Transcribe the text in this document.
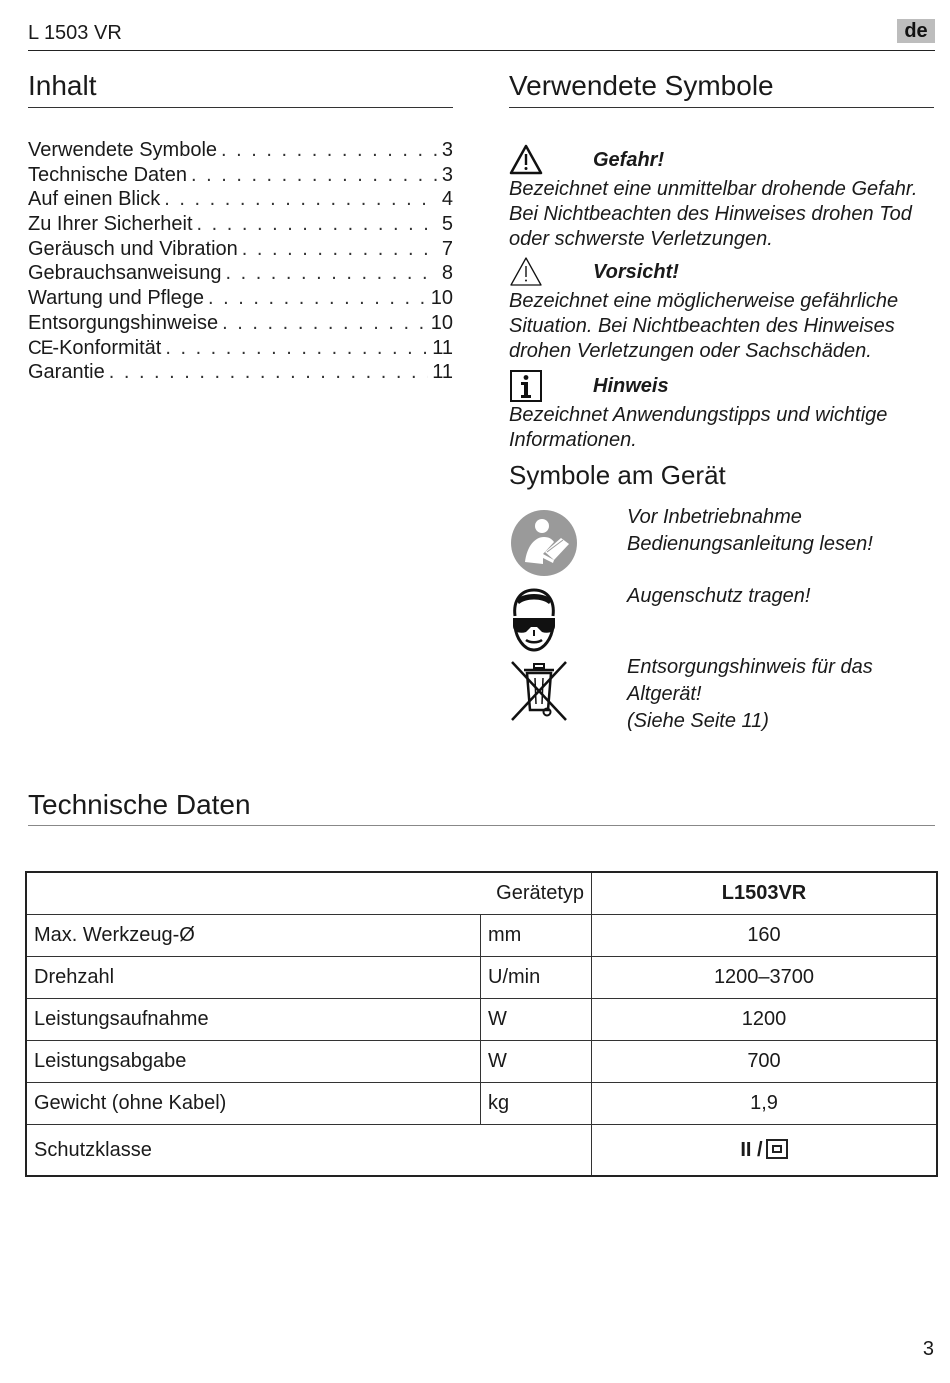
L 1503 VR	de
Inhalt
Verwendete Symbole . . .	3
Technische Daten . . .	3
Auf einen Blick . . .	4
Zu Ihrer Sicherheit . . .	5
Geräusch und Vibration . . .	7
Gebrauchsanweisung . . .	8
Wartung und Pflege . . .	10
Entsorgungshinweise . . .	10
CE-Konformität . . .	11
Garantie . . .	11
Verwendete Symbole
Gefahr!
Bezeichnet eine unmittelbar drohende Gefahr. Bei Nichtbeachten des Hinweises drohen Tod oder schwerste Verletzungen.
Vorsicht!
Bezeichnet eine möglicherweise gefährliche Situation. Bei Nichtbeachten des Hinweises drohen Verletzungen oder Sachschäden.
Hinweis
Bezeichnet Anwendungstipps und wichtige Informationen.
Symbole am Gerät
Vor Inbetriebnahme
Bedienungsanleitung lesen!
Augenschutz tragen!
Entsorgungshinweis für das
Altgerät!
(Siehe Seite 11)
Technische Daten
Gerätetyp		L1503VR
Max. Werkzeug-Ø	mm	160
Drehzahl	U/min	1200–3700
Leistungsaufnahme	W	1200
Leistungsabgabe	W	700
Gewicht (ohne Kabel)	kg	1,9
Schutzklasse		II /
3
